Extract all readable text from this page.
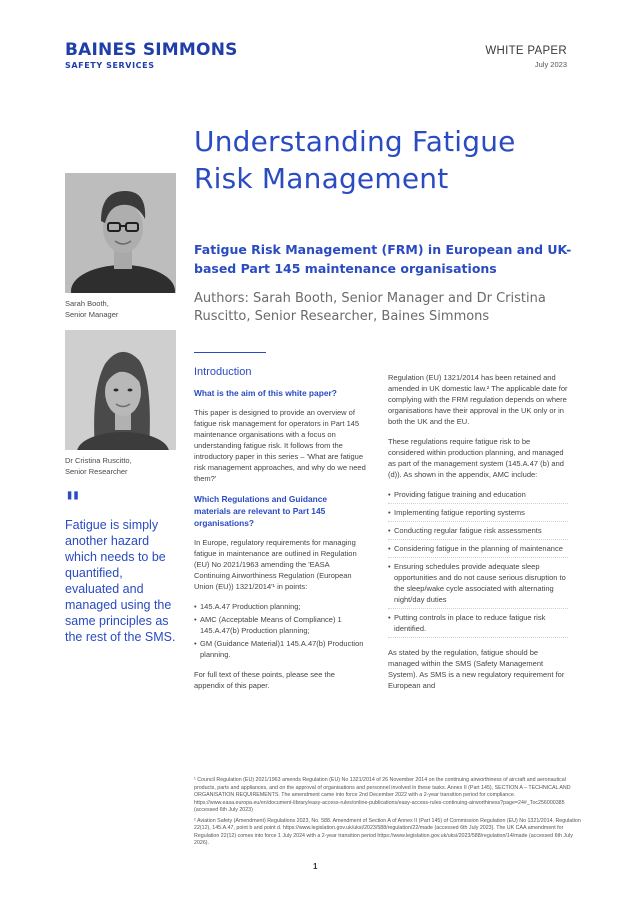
BAINES SIMMONS
SAFETY SERVICES
WHITE PAPER
July 2023
Understanding Fatigue Risk Management
Fatigue Risk Management (FRM) in European and UK-based Part 145 maintenance organisations
Authors: Sarah Booth, Senior Manager and Dr Cristina Ruscitto, Senior Researcher, Baines Simmons
Sarah Booth,
Senior Manager
Dr Cristina Ruscitto,
Senior Researcher
"
Fatigue is simply another hazard which needs to be quantified, evaluated and managed using the same principles as the rest of the SMS.
Introduction
What is the aim of this white paper?

This paper is designed to provide an overview of fatigue risk management for operators in Part 145 maintenance organisations with a focus on understanding fatigue risk. It follows from the introductory paper in this series – 'What are fatigue risk management approaches, and why do we need them?'

Which Regulations and Guidance materials are relevant to Part 145 organisations?

In Europe, regulatory requirements for managing fatigue in maintenance are outlined in Regulation (EU) No 2021/1963 amending the 'EASA Continuing Airworthiness Regulation (European Union (EU)) 1321/2014'¹ in points:

• 145.A.47 Production planning;
• AMC (Acceptable Means of Compliance) 1 145.A.47(b) Production planning;
• GM (Guidance Material)1 145.A.47(b) Production planning.

For full text of these points, please see the appendix of this paper.

Regulation (EU) 1321/2014 has been retained and amended in UK domestic law.² The applicable date for complying with the FRM regulation depends on where organisations have their approval in the UK only or in both the UK and the EU.

These regulations require fatigue risk to be considered within production planning, and managed as part of the management system (145.A.47 (b) and (d)). As shown in the appendix, AMC include:

• Providing fatigue training and education
• Implementing fatigue reporting systems
• Conducting regular fatigue risk assessments
• Considering fatigue in the planning of maintenance
• Ensuring schedules provide adequate sleep opportunities and do not cause serious disruption to the sleep/wake cycle associated with alternating night/day duties
• Putting controls in place to reduce fatigue risk identified.

As stated by the regulation, fatigue should be managed within the SMS (Safety Management System). As SMS is a new regulatory requirement for European and

¹ Council Regulation (EU) 2021/1963 amends Regulation (EU) No 1321/2014 of 26 November 2014 on the continuing airworthiness of aircraft and aeronautical products, parts and appliances, and on the approval of organisations and personnel involved in these tasks. Annex II (Part 145), SECTION A – TECHNICAL AND ORGANISATION REQUIREMENTS. The amendment came into force 2nd December 2022 with a 2-year transition period for compliance. https://www.easa.europa.eu/en/document-library/easy-access-rules/online-publications/easy-access-rules-continuing-airworthiness?page=24#_Toc256000385 (accessed 6th July 2023)

² Aviation Safety (Amendment) Regulations 2023, No. 588. Amendment of Section A of Annex II (Part 145) of Commission Regulation (EU) No 1321/2014. Regulation 22(12), 145.A.47, point b and point d. https://www.legislation.gov.uk/uksi/2023/588/regulation/22/made (accessed 6th July 2023). The UK CAA amendment for Regulation 22(12) comes into force 1 July 2024 with a 2-year transition period https://www.legislation.gov.uk/uksi/2023/588/regulation/14/made (accessed 6th July 2026).

1
